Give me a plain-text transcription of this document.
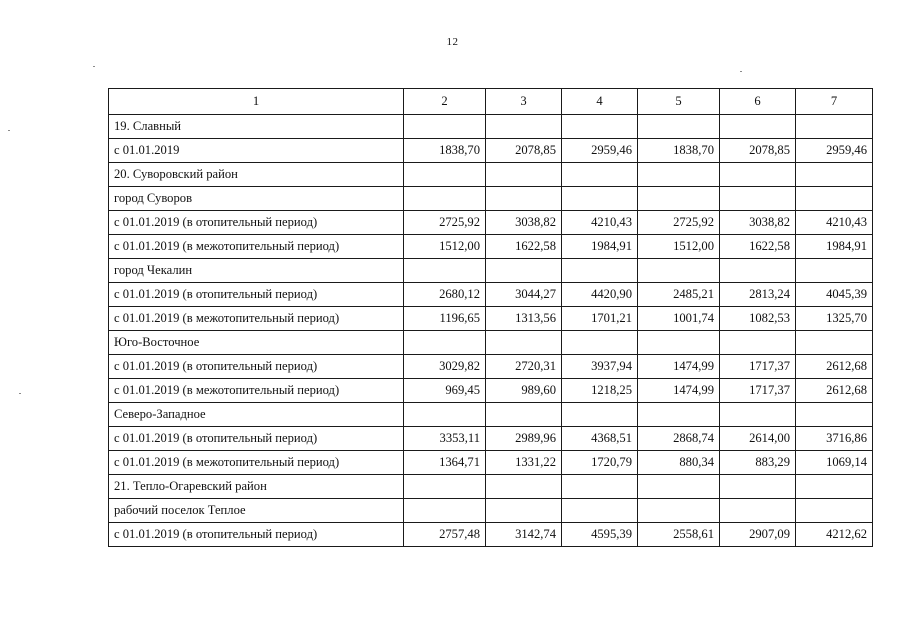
12
1	2	3	4	5	6	7
19. Славный						
с 01.01.2019	1838,70	2078,85	2959,46	1838,70	2078,85	2959,46
20. Суворовский район						
город Суворов						
с 01.01.2019 (в отопительный период)	2725,92	3038,82	4210,43	2725,92	3038,82	4210,43
с 01.01.2019 (в межотопительный период)	1512,00	1622,58	1984,91	1512,00	1622,58	1984,91
город Чекалин						
с 01.01.2019 (в отопительный период)	2680,12	3044,27	4420,90	2485,21	2813,24	4045,39
с 01.01.2019 (в межотопительный период)	1196,65	1313,56	1701,21	1001,74	1082,53	1325,70
Юго-Восточное						
с 01.01.2019 (в отопительный период)	3029,82	2720,31	3937,94	1474,99	1717,37	2612,68
с 01.01.2019 (в межотопительный период)	969,45	989,60	1218,25	1474,99	1717,37	2612,68
Северо-Западное						
с 01.01.2019 (в отопительный период)	3353,11	2989,96	4368,51	2868,74	2614,00	3716,86
с 01.01.2019 (в межотопительный период)	1364,71	1331,22	1720,79	880,34	883,29	1069,14
21. Тепло-Огаревский район						
рабочий поселок Теплое						
с 01.01.2019 (в отопительный период)	2757,48	3142,74	4595,39	2558,61	2907,09	4212,62
